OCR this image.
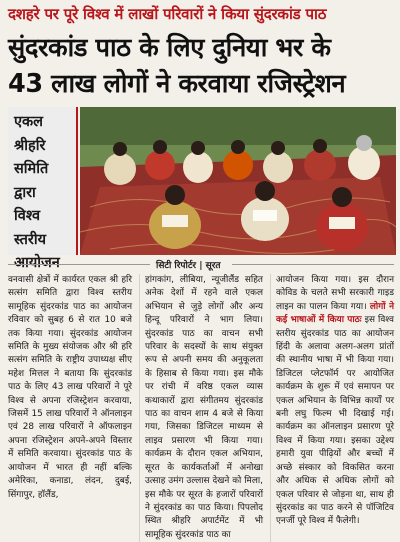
दशहरे पर पूरे विश्व में लाखों परिवारों ने किया सुंदरकांड पाठ
सुंदरकांड पाठ के लिए दुनिया भर के
43 लाख लोगों ने करवाया रजिस्ट्रेशन
एकल
श्रीहरि
समिति
द्वारा
विश्व
स्तरीय
आयोजन	सिटी रिपोर्टर | सूरत
वनवासी क्षेत्रों में कार्यरत एकल श्री हरि सत्संग समिति द्वारा विश्व स्तरीय सामूहिक सुंदरकांड पाठ का आयोजन रविवार को सुबह 6 से रात 10 बजे तक किया गया। सुंदरकांड आयोजन समिति के मुख्य संयोजक और श्री हरि सत्संग समिति के राष्ट्रीय उपाध्यक्ष सीए महेश मित्तल ने बताया कि सुंदरकांड पाठ के लिए 43 लाख परिवारों ने पूरे विश्व से अपना रजिस्ट्रेशन करवाया, जिसमें 15 लाख परिवारों ने ऑनलाइन एवं 28 लाख परिवारों ने ऑफलाइन अपना रजिस्ट्रेशन अपने-अपने विस्तार में समिति करवाया। सुंदरकांड पाठ के आयोजन में भारत ही नहीं बल्कि अमेरिका, कनाडा, लंदन, दुबई, सिंगापुर, हॉलैंड,
हांगकांग, लीबिया, न्यूजीलैंड सहित अनेक देशों में रहने वाले एकल अभियान से जुड़े लोगों और अन्य हिन्दू परिवारों ने भाग लिया। सुंदरकांड पाठ का वाचन सभी परिवार के सदस्यों के साथ संयुक्त रूप से अपनी समय की अनुकूलता के हिसाब से किया गया। इस मौके पर रांची में वरिष्ठ एकल व्यास कथाकारों द्वारा संगीतमय सुंदरकांड पाठ का वाचन शाम 4 बजे से किया गया, जिसका डिजिटल माध्यम से लाइव प्रसारण भी किया गया। कार्यक्रम के दौरान एकल अभियान, सूरत के कार्यकर्ताओं में अनोखा उत्साह उमंग उल्लास देखने को मिला, इस मौके पर सूरत के हजारों परिवारों ने सुंदरकांड का पाठ किया। पिपलोद स्थित श्रीहरि अपार्टमेंट में भी सामूहिक सुंदरकांड पाठ का
आयोजन किया गया। इस दौरान कोविड के चलते सभी सरकारी गाइड लाइन का पालन किया गया। लोगों ने कई भाषाओं में किया पाठः इस विश्व स्तरीय सुंदरकांड पाठ का आयोजन हिंदी के अलावा अलग-अलग प्रांतों की स्थानीय भाषा में भी किया गया। डिजिटल प्लेटफॉर्म पर आयोजित कार्यक्रम के शुरू में एवं समापन पर एकल अभियान के विभिन्न कार्यों पर बनी लघु फिल्म भी दिखाई गई। कार्यक्रम का ऑनलाइन प्रसारण पूरे विश्व में किया गया। इसका उद्देश्य हमारी युवा पीढ़ियों और बच्चों में अच्छे संस्कार को विकसित करना और अधिक से अधिक लोगों को एकल परिवार से जोड़ना था, साथ ही सुंदरकांड का पाठ करने से पॉजिटिव एनर्जी पूरे विश्व में फैलेगी।
